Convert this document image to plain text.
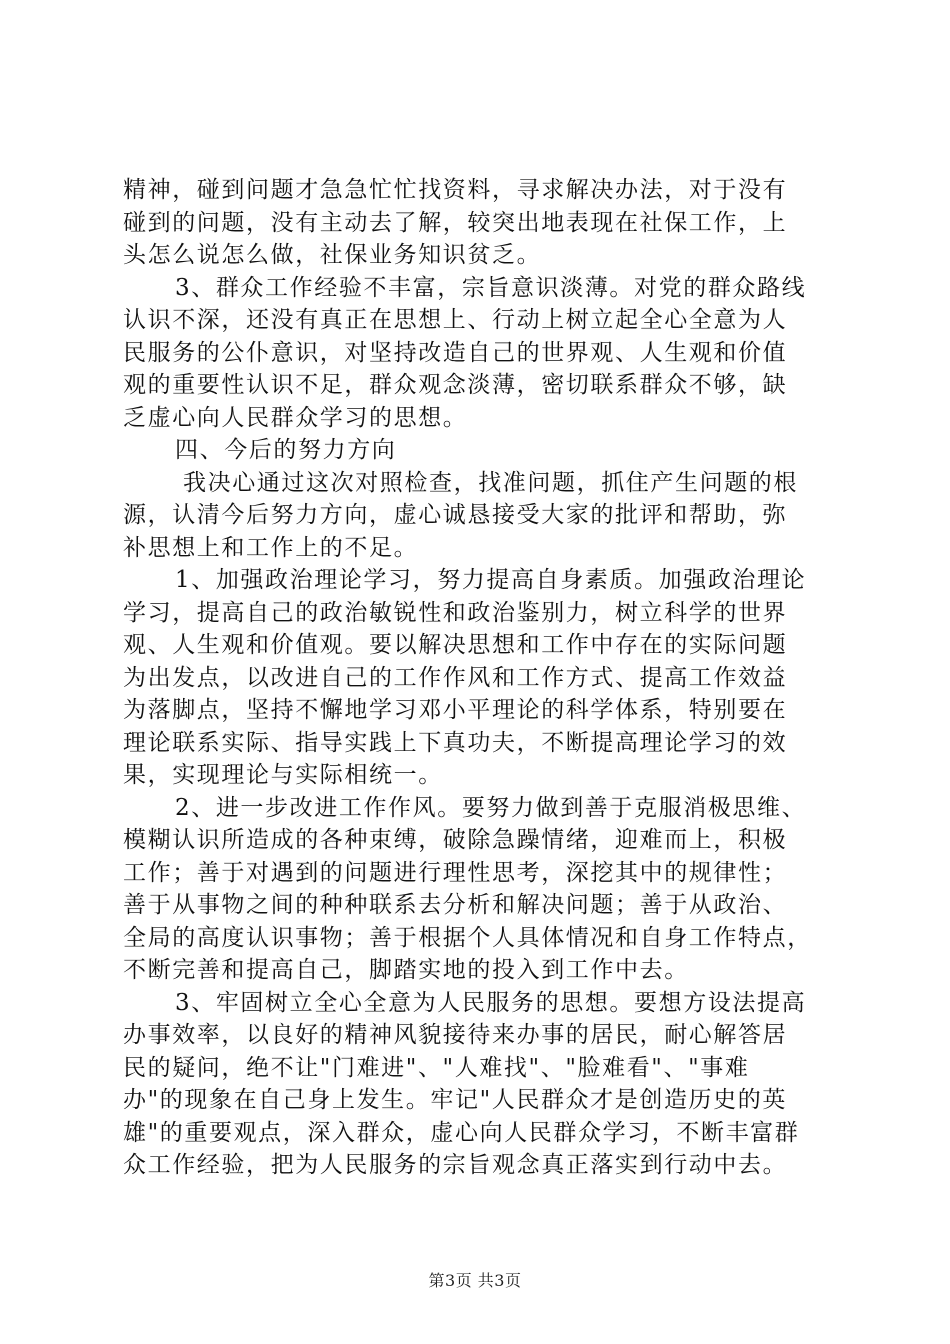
精神，碰到问题才急急忙忙找资料，寻求解决办法，对于没有
碰到的问题，没有主动去了解，较突出地表现在社保工作，上
头怎么说怎么做，社保业务知识贫乏。
3、群众工作经验不丰富，宗旨意识淡薄。对党的群众路线
认识不深，还没有真正在思想上、行动上树立起全心全意为人
民服务的公仆意识，对坚持改造自己的世界观、人生观和价值
观的重要性认识不足，群众观念淡薄，密切联系群众不够，缺
乏虚心向人民群众学习的思想。
四、今后的努力方向
我决心通过这次对照检查，找准问题，抓住产生问题的根
源，认清今后努力方向，虚心诚恳接受大家的批评和帮助，弥
补思想上和工作上的不足。
1、加强政治理论学习，努力提高自身素质。加强政治理论
学习，提高自己的政治敏锐性和政治鉴别力，树立科学的世界
观、人生观和价值观。要以解决思想和工作中存在的实际问题
为出发点，以改进自己的工作作风和工作方式、提高工作效益
为落脚点，坚持不懈地学习邓小平理论的科学体系，特别要在
理论联系实际、指导实践上下真功夫，不断提高理论学习的效
果，实现理论与实际相统一。
2、进一步改进工作作风。要努力做到善于克服消极思维、
模糊认识所造成的各种束缚，破除急躁情绪，迎难而上，积极
工作；善于对遇到的问题进行理性思考，深挖其中的规律性；
善于从事物之间的种种联系去分析和解决问题；善于从政治、
全局的高度认识事物；善于根据个人具体情况和自身工作特点，
不断完善和提高自己，脚踏实地的投入到工作中去。
3、牢固树立全心全意为人民服务的思想。要想方设法提高
办事效率，以良好的精神风貌接待来办事的居民，耐心解答居
民的疑问，绝不让"门难进"、"人难找"、"脸难看"、"事难
办"的现象在自己身上发生。牢记"人民群众才是创造历史的英
雄"的重要观点，深入群众，虚心向人民群众学习，不断丰富群
众工作经验，把为人民服务的宗旨观念真正落实到行动中去。
第3页 共3页
